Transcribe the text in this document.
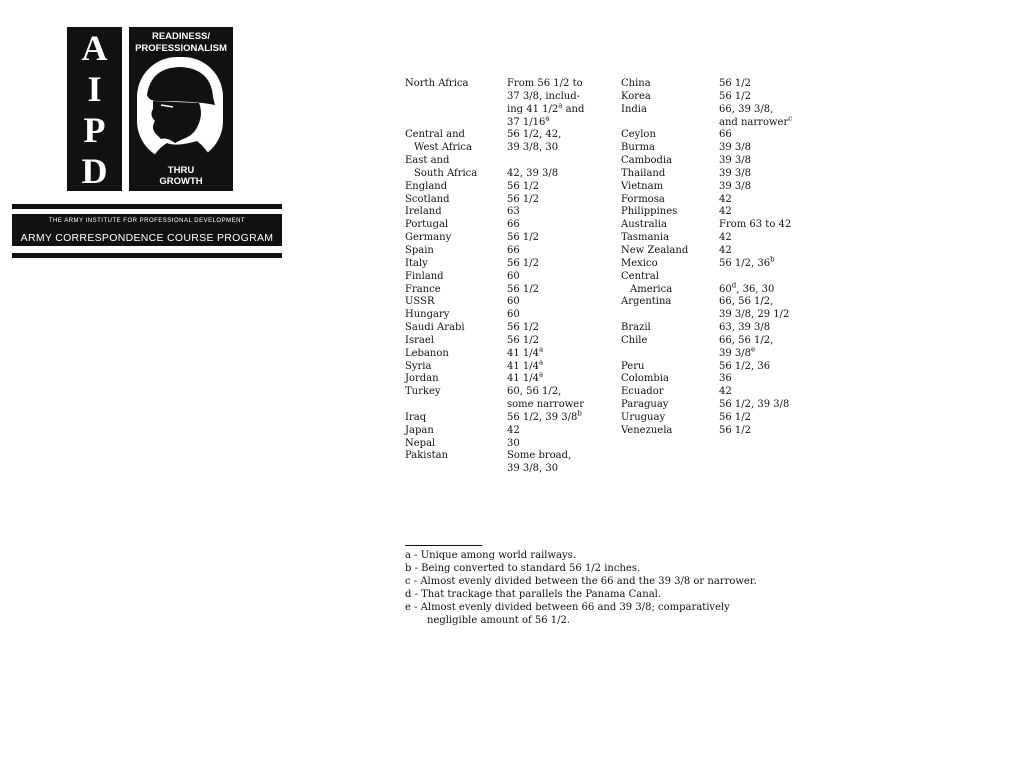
A
I
P
D
READINESS/
PROFESSIONALISM
THRU
GROWTH
THE ARMY INSTITUTE FOR PROFESSIONAL DEVELOPMENT
ARMY CORRESPONDENCE COURSE PROGRAM
North Africa
Central and
West Africa
East and
South Africa
England
Scotland
Ireland
Portugal
Germany
Spain
Italy
Finland
France
USSR
Hungary
Saudi Arabi
Israel
Lebanon
Syria
Jordan
Turkey
Iraq
Japan
Nepal
Pakistan
From 56 1/2 to
37 3/8, includ-
ing 41 1/2$^a$ and
37 1/16$^a$
56 1/2, 42,
39 3/8, 30
42, 39 3/8
56 1/2
56 1/2
63
66
56 1/2
66
56 1/2
60
56 1/2
60
60
56 1/2
56 1/2
41 1/4$^a$
41 1/4$^a$
41 1/4$^a$
60, 56 1/2,
some narrower
56 1/2, 39 3/8$^b$
42
30
Some broad,
39 3/8, 30
China
Korea
India
Ceylon
Burma
Cambodia
Thailand
Vietnam
Formosa
Philippines
Australia
Tasmania
New Zealand
Mexico
Central
America
Argentina
Brazil
Chile
Peru
Colombia
Ecuador
Paraguay
Uruguay
Venezuela
56 1/2
56 1/2
66, 39 3/8,
and narrower$^c$
66
39 3/8
39 3/8
39 3/8
39 3/8
42
42
From 63 to 42
42
42
56 1/2, 36$^b$
60$^d$, 36, 30
66, 56 1/2,
39 3/8, 29 1/2
63, 39 3/8
66, 56 1/2,
39 3/8e
56 1/2, 36
36
42
56 1/2, 39 3/8
56 1/2
56 1/2
a - Unique among world railways.
b - Being converted to standard 56 1/2 inches.
c - Almost evenly divided between the 66 and the 39 3/8 or narrower.
d - That trackage that parallels the Panama Canal.
e - Almost evenly divided between 66 and 39 3/8; comparatively
negligible amount of 56 1/2.
